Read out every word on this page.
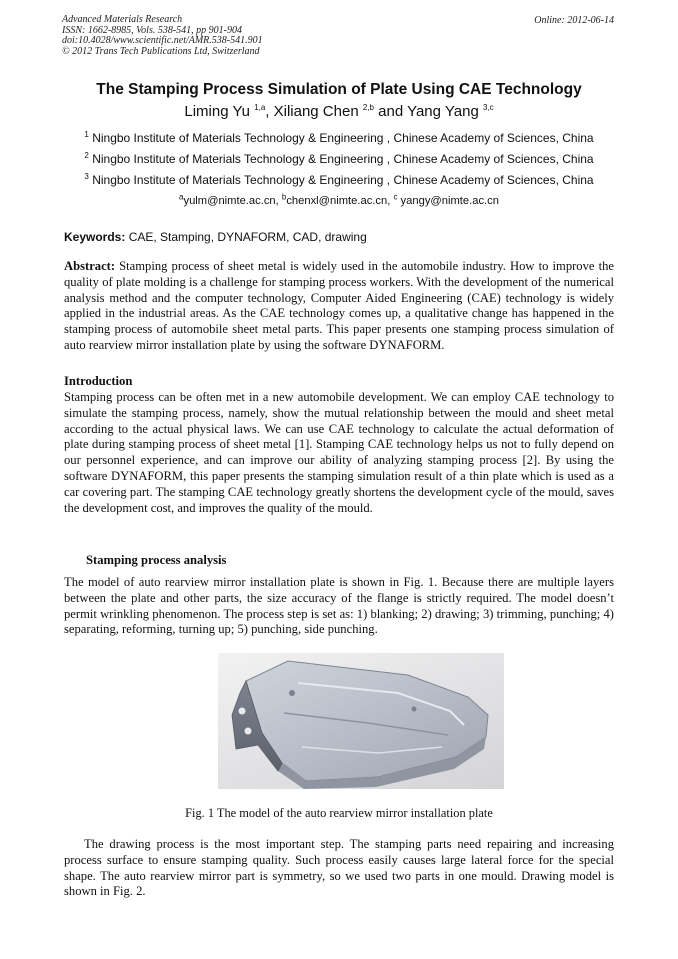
Advanced Materials Research
ISSN: 1662-8985, Vols. 538-541, pp 901-904
doi:10.4028/www.scientific.net/AMR.538-541.901
© 2012 Trans Tech Publications Ltd, Switzerland
Online: 2012-06-14
The Stamping Process Simulation of Plate Using CAE Technology
Liming Yu $^{1,a}$, Xiliang Chen $^{2,b}$ and Yang Yang $^{3,c}$
$^1$ Ningbo Institute of Materials Technology & Engineering , Chinese Academy of Sciences, China
$^2$ Ningbo Institute of Materials Technology & Engineering , Chinese Academy of Sciences, China
$^3$ Ningbo Institute of Materials Technology & Engineering , Chinese Academy of Sciences, China
$^a$yulm@nimte.ac.cn, $^b$chenxl@nimte.ac.cn, $^c$ yangy@nimte.ac.cn
Keywords: CAE, Stamping, DYNAFORM, CAD, drawing
Abstract: Stamping process of sheet metal is widely used in the automobile industry. How to improve the quality of plate molding is a challenge for stamping process workers. With the development of the numerical analysis method and the computer technology, Computer Aided Engineering (CAE) technology is widely applied in the industrial areas. As the CAE technology comes up, a qualitative change has happened in the stamping process of automobile sheet metal parts. This paper presents one stamping process simulation of auto rearview mirror installation plate by using the software DYNAFORM.
Introduction
Stamping process can be often met in a new automobile development. We can employ CAE technology to simulate the stamping process, namely, show the mutual relationship between the mould and sheet metal according to the actual physical laws. We can use CAE technology to calculate the actual deformation of plate during stamping process of sheet metal [1]. Stamping CAE technology helps us not to fully depend on our personnel experience, and can improve our ability of analyzing stamping process [2]. By using the software DYNAFORM, this paper presents the stamping simulation result of a thin plate which is used as a car covering part. The stamping CAE technology greatly shortens the development cycle of the mould, saves the development cost, and improves the quality of the mould.
Stamping process analysis
The model of auto rearview mirror installation plate is shown in Fig. 1. Because there are multiple layers between the plate and other parts, the size accuracy of the flange is strictly required. The model doesn’t permit wrinkling phenomenon. The process step is set as: 1) blanking; 2) drawing; 3) trimming, punching; 4) separating, reforming, turning up; 5) punching, side punching.
Fig. 1 The model of the auto rearview mirror installation plate
The drawing process is the most important step. The stamping parts need repairing and increasing process surface to ensure stamping quality. Such process easily causes large lateral force for the special shape. The auto rearview mirror part is symmetry, so we used two parts in one mould. Drawing model is shown in Fig. 2.
